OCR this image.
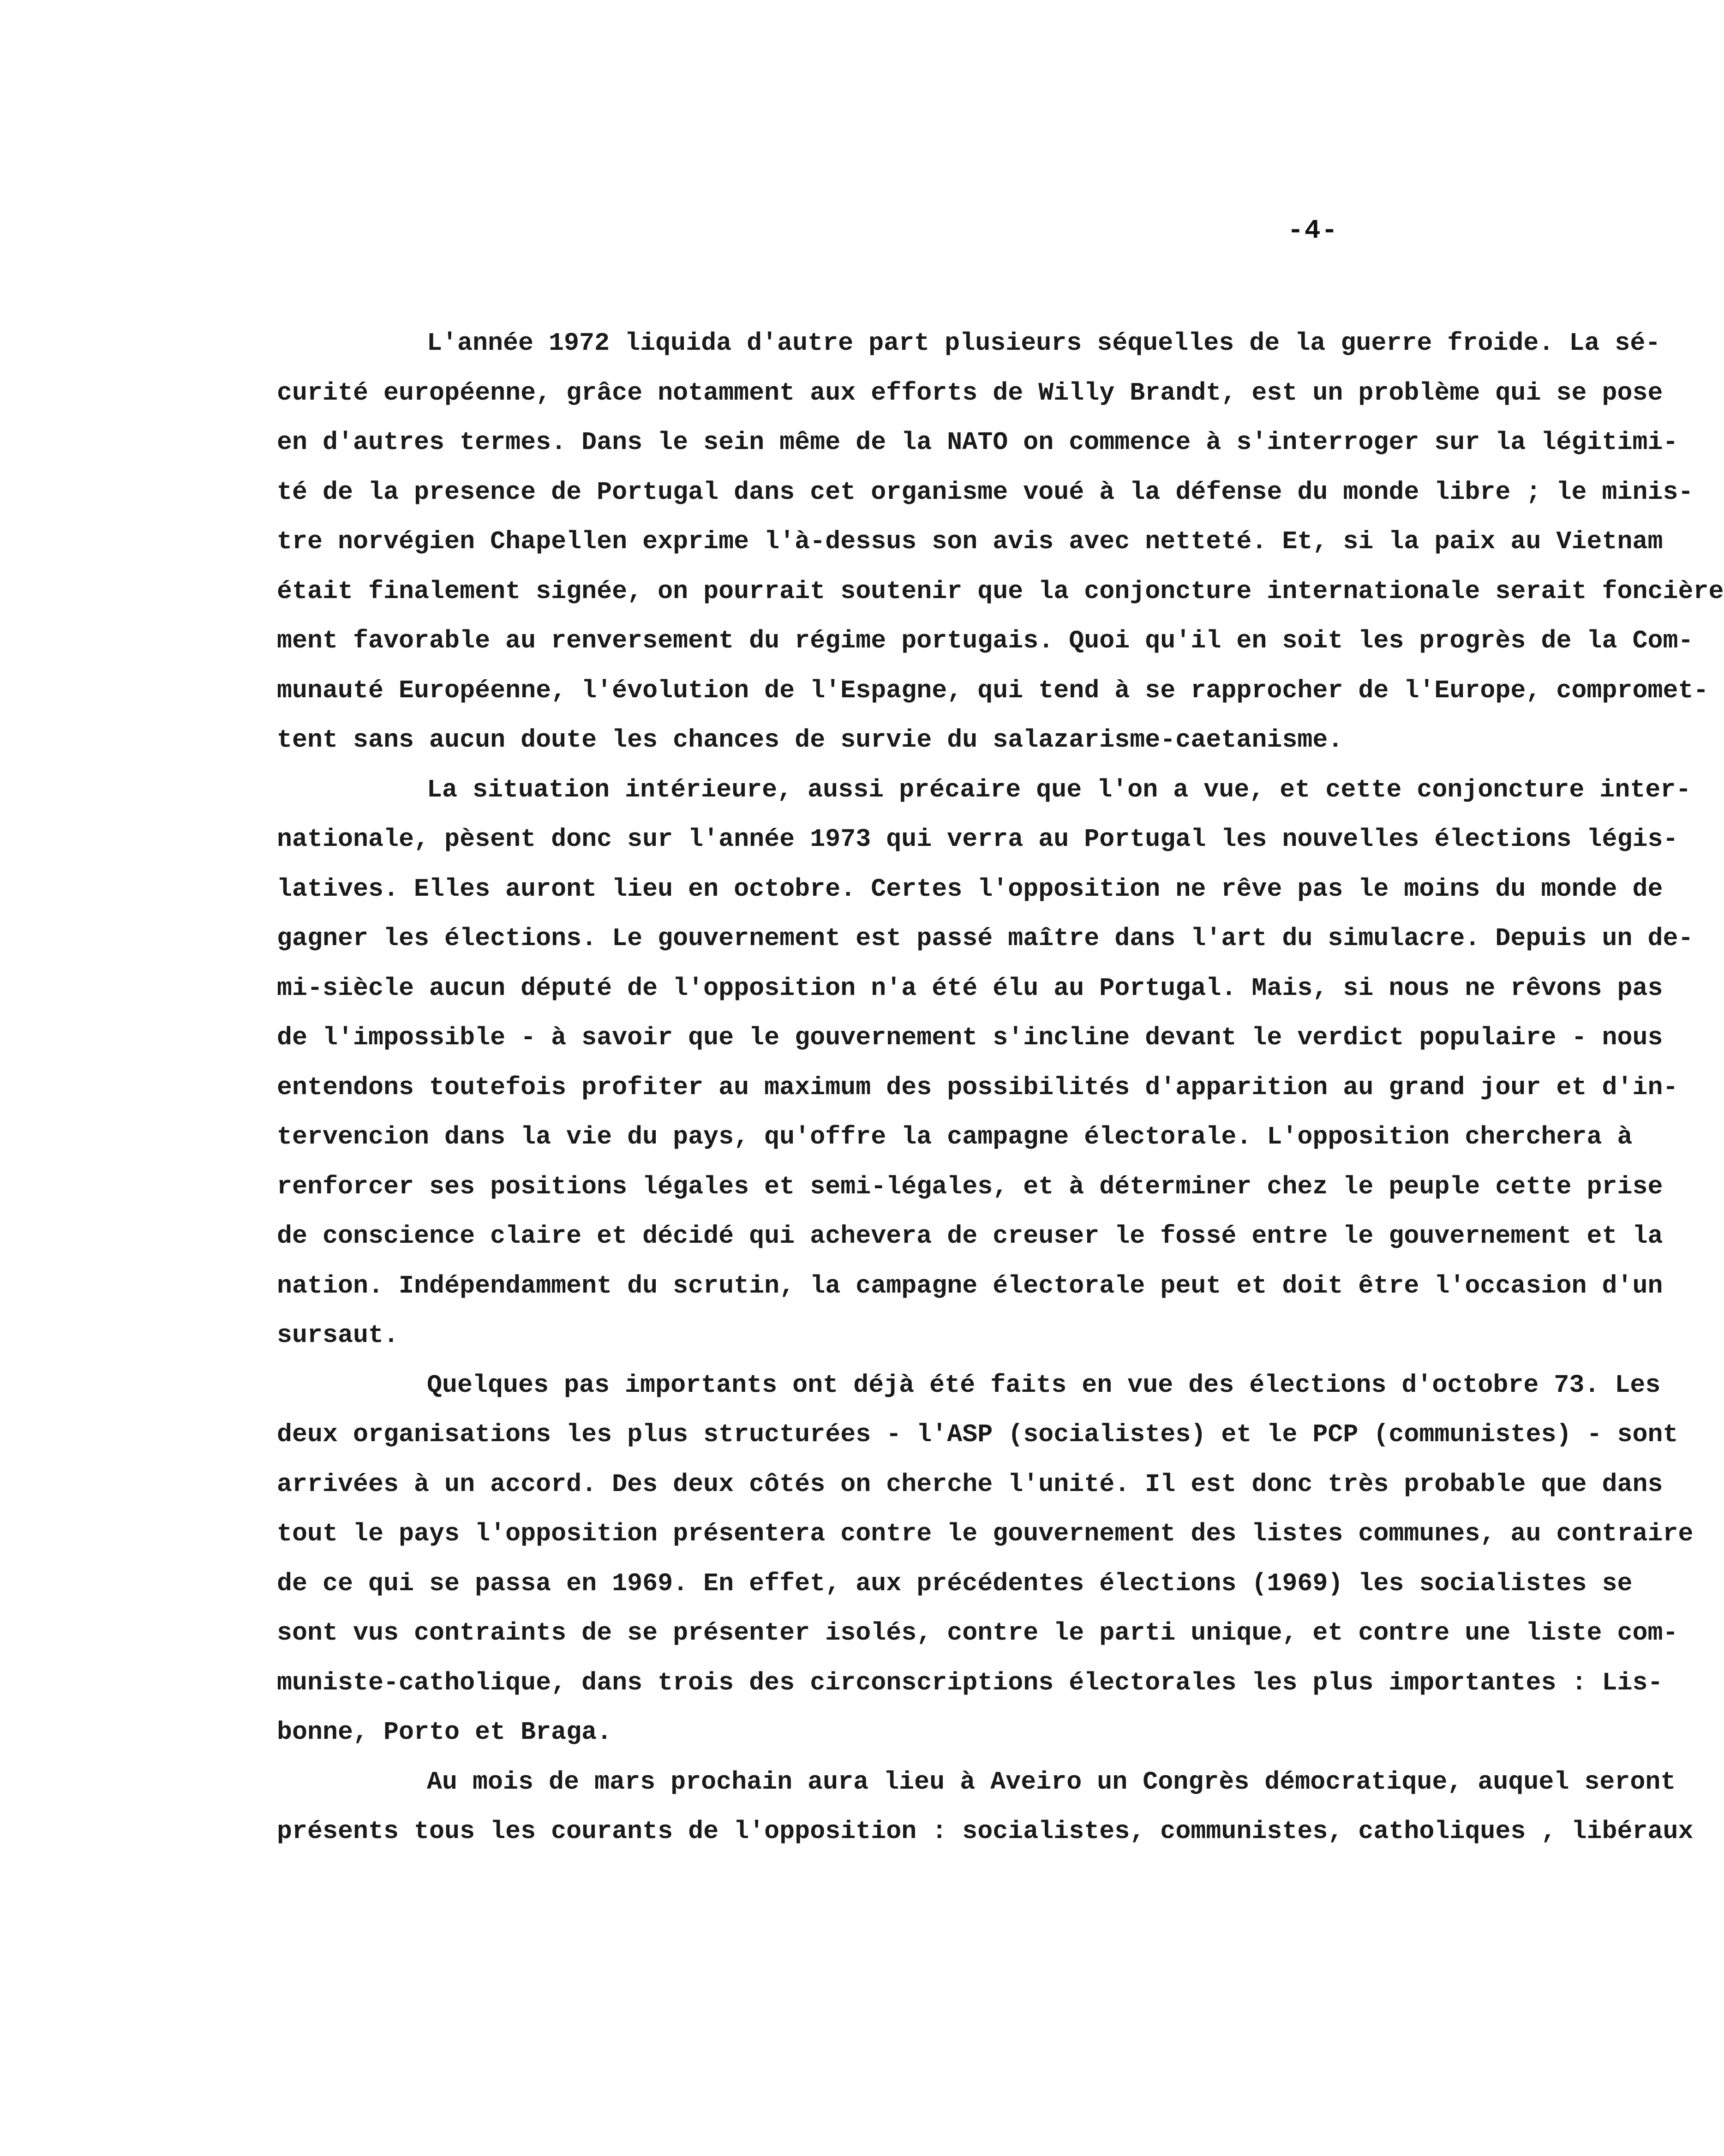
-4-
L'année 1972 liquida d'autre part plusieurs séquelles de la guerre froide. La sé-
curité européenne, grâce notamment aux efforts de Willy Brandt, est un problème qui se pose
en d'autres termes. Dans le sein même de la NATO on commence à s'interroger sur la légitimi-
té de la presence de Portugal dans cet organisme voué à la défense du monde libre ; le minis-
tre norvégien Chapellen exprime l'à-dessus son avis avec netteté. Et, si la paix au Vietnam
était finalement signée, on pourrait soutenir que la conjoncture internationale serait foncière
ment favorable au renversement du régime portugais. Quoi qu'il en soit les progrès de la Com-
munauté Européenne, l'évolution de l'Espagne, qui tend à se rapprocher de l'Europe, compromet-
tent sans aucun doute les chances de survie du salazarisme-caetanisme.
La situation intérieure, aussi précaire que l'on a vue, et cette conjoncture inter-
nationale, pèsent donc sur l'année 1973 qui verra au Portugal les nouvelles élections légis-
latives. Elles auront lieu en octobre. Certes l'opposition ne rêve pas le moins du monde de
gagner les élections. Le gouvernement est passé maître dans l'art du simulacre. Depuis un de-
mi-siècle aucun député de l'opposition n'a été élu au Portugal. Mais, si nous ne rêvons pas
de l'impossible - à savoir que le gouvernement s'incline devant le verdict populaire - nous
entendons toutefois profiter au maximum des possibilités d'apparition au grand jour et d'in-
tervencion dans la vie du pays, qu'offre la campagne électorale. L'opposition cherchera à
renforcer ses positions légales et semi-légales, et à déterminer chez le peuple cette prise
de conscience claire et décidé qui achevera de creuser le fossé entre le gouvernement et la
nation. Indépendamment du scrutin, la campagne électorale peut et doit être l'occasion d'un
sursaut.
Quelques pas importants ont déjà été faits en vue des élections d'octobre 73. Les
deux organisations les plus structurées - l'ASP (socialistes) et le PCP (communistes) - sont
arrivées à un accord. Des deux côtés on cherche l'unité. Il est donc très probable que dans
tout le pays l'opposition présentera contre le gouvernement des listes communes, au contraire
de ce qui se passa en 1969. En effet, aux précédentes élections (1969) les socialistes se
sont vus contraints de se présenter isolés, contre le parti unique, et contre une liste com-
muniste-catholique, dans trois des circonscriptions électorales les plus importantes : Lis-
bonne, Porto et Braga.
Au mois de mars prochain aura lieu à Aveiro un Congrès démocratique, auquel seront
présents tous les courants de l'opposition : socialistes, communistes, catholiques , libéraux
